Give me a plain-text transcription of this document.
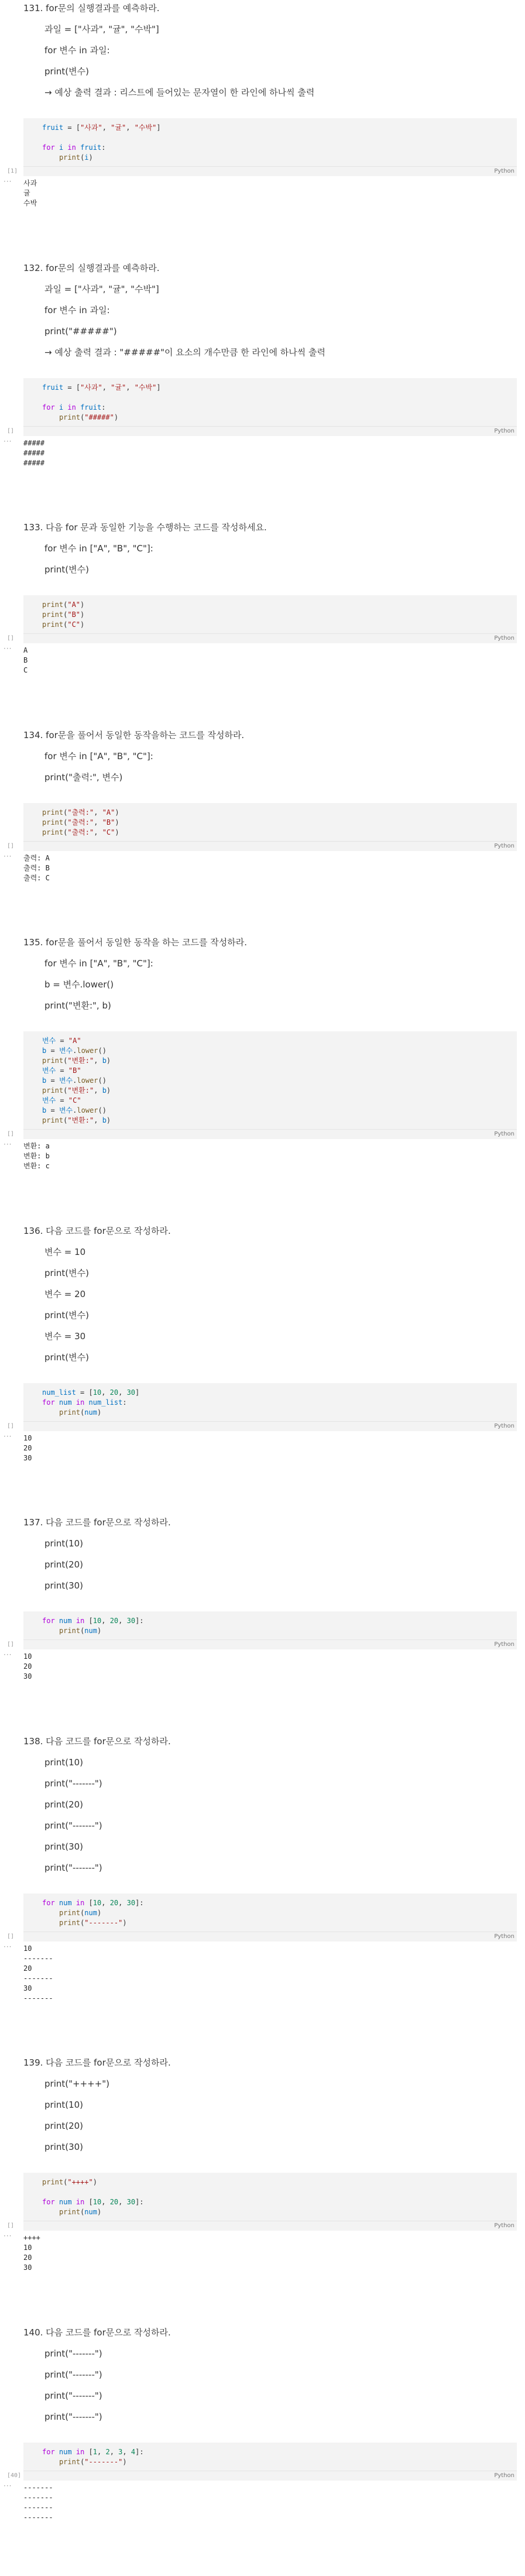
131. for문의 실행결과를 예측하라.

과일 = ["사과", "귤", "수박"]

for 변수 in 과일:

print(변수)

→ 예상 출력 결과 : 리스트에 들어있는 문자열이 한 라인에 하나씩 출력

fruit = ["사과", "귤", "수박"]

for i in fruit:
print(i)
[1]	Python
··· 사과
귤
수박

132. for문의 실행결과를 예측하라.

과일 = ["사과", "귤", "수박"]

for 변수 in 과일:

print("#####")

→ 예상 출력 결과 : "#####"이 요소의 개수만큼 한 라인에 하나씩 출력

fruit = ["사과", "귤", "수박"]

for i in fruit:
print("#####")
[]	Python
··· #####
#####
#####

133. 다음 for 문과 동일한 기능을 수행하는 코드를 작성하세요.

for 변수 in ["A", "B", "C"]:

print(변수)

print("A")
print("B")
print("C")
[]	Python
··· A
B
C

134. for문을 풀어서 동일한 동작을하는 코드를 작성하라.

for 변수 in ["A", "B", "C"]:

print("출력:", 변수)

print("출력:", "A")
print("출력:", "B")
print("출력:", "C")
[]	Python
··· 출력: A
출력: B
출력: C

135. for문을 풀어서 동일한 동작을 하는 코드를 작성하라.

for 변수 in ["A", "B", "C"]:

b = 변수.lower()

print("변환:", b)

변수 = "A"
b = 변수.lower()
print("변환:", b)
변수 = "B"
b = 변수.lower()
print("변환:", b)
변수 = "C"
b = 변수.lower()
print("변환:", b)
[]	Python
··· 변환: a
변환: b
변환: c

136. 다음 코드를 for문으로 작성하라.

변수 = 10

print(변수)

변수 = 20

print(변수)

변수 = 30

print(변수)

num_list = [10, 20, 30]
for num in num_list:
print(num)
[]	Python
··· 10
20
30

137. 다음 코드를 for문으로 작성하라.

print(10)

print(20)

print(30)

for num in [10, 20, 30]:
print(num)
[]	Python
··· 10
20
30

138. 다음 코드를 for문으로 작성하라.

print(10)

print("-------")

print(20)

print("-------")

print(30)

print("-------")

for num in [10, 20, 30]:
print(num)
print("-------")
[]	Python
··· 10
-------
20
-------
30
-------

139. 다음 코드를 for문으로 작성하라.

print("++++")

print(10)

print(20)

print(30)

print("++++")

for num in [10, 20, 30]:
print(num)
[]	Python
··· ++++
10
20
30

140. 다음 코드를 for문으로 작성하라.

print("-------")

print("-------")

print("-------")

print("-------")

for num in [1, 2, 3, 4]:
print("-------")
[40]	Python
··· -------
-------
-------
-------
